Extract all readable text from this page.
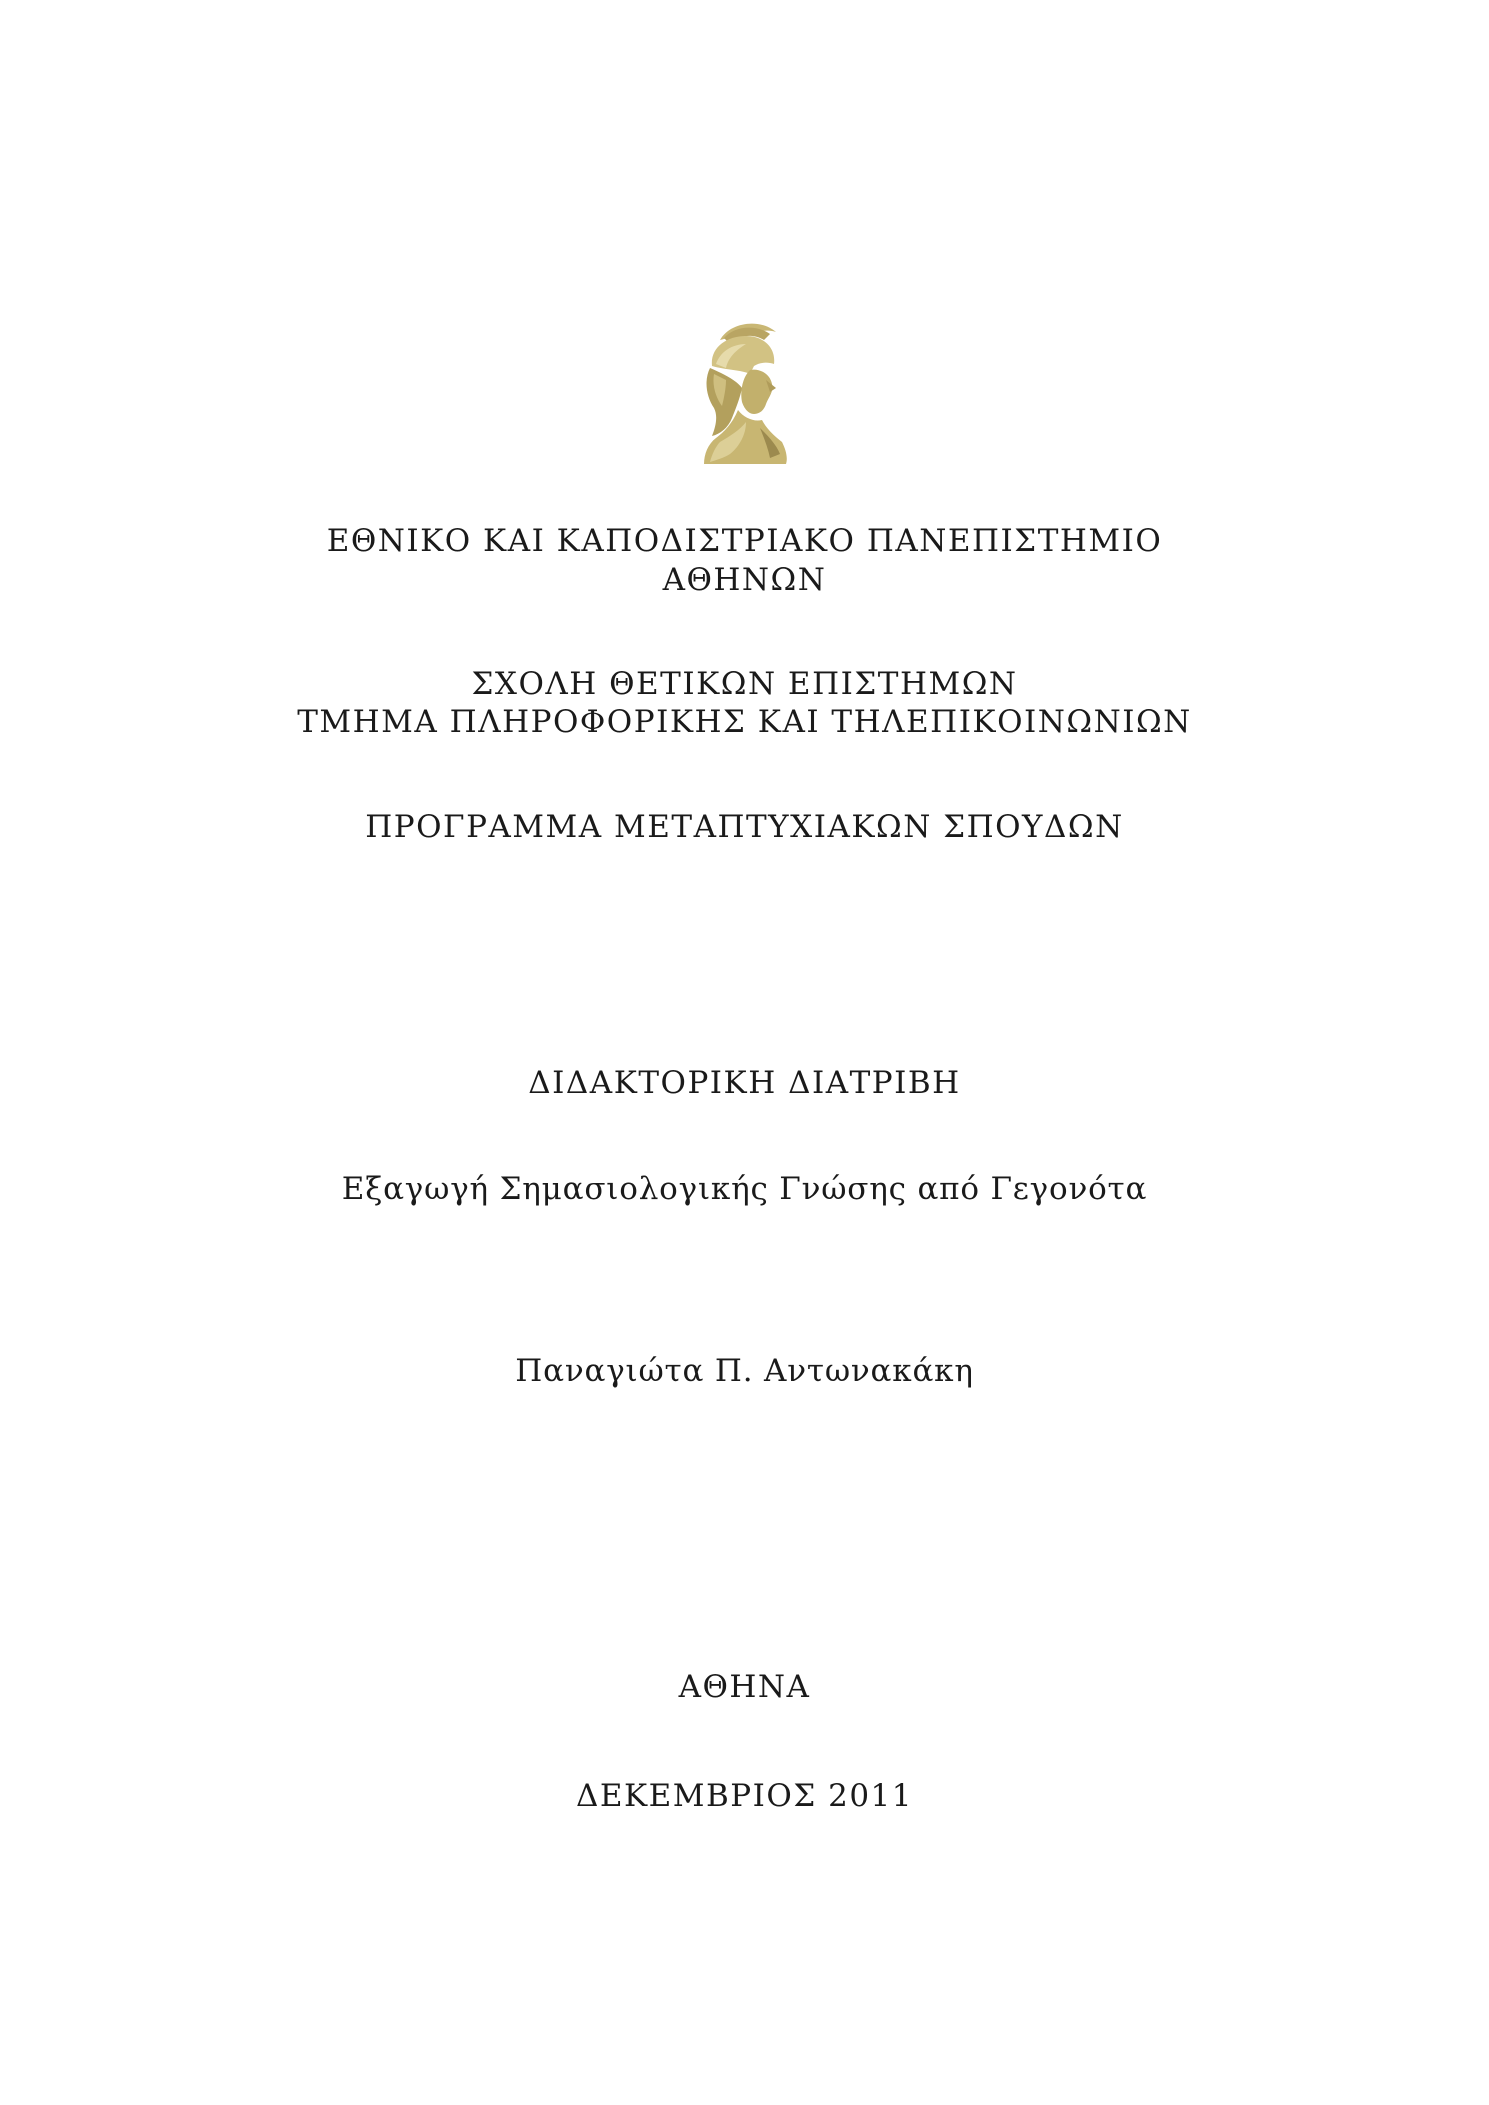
ΕΘΝΙΚΟ ΚΑΙ ΚΑΠΟΔΙΣΤΡΙΑΚΟ ΠΑΝΕΠΙΣΤΗΜΙΟ
ΑΘΗΝΩΝ
ΣΧΟΛΗ ΘΕΤΙΚΩΝ ΕΠΙΣΤΗΜΩΝ
ΤΜΗΜΑ ΠΛΗΡΟΦΟΡΙΚΗΣ ΚΑΙ ΤΗΛΕΠΙΚΟΙΝΩΝΙΩΝ
ΠΡΟΓΡΑΜΜΑ ΜΕΤΑΠΤΥΧΙΑΚΩΝ ΣΠΟΥΔΩΝ
ΔΙΔΑΚΤΟΡΙΚΗ ΔΙΑΤΡΙΒΗ
Εξαγωγή Σημασιολογικής Γνώσης από Γεγονότα
Παναγιώτα Π. Αντωνακάκη
ΑΘΗΝΑ
ΔΕΚΕΜΒΡΙΟΣ 2011
